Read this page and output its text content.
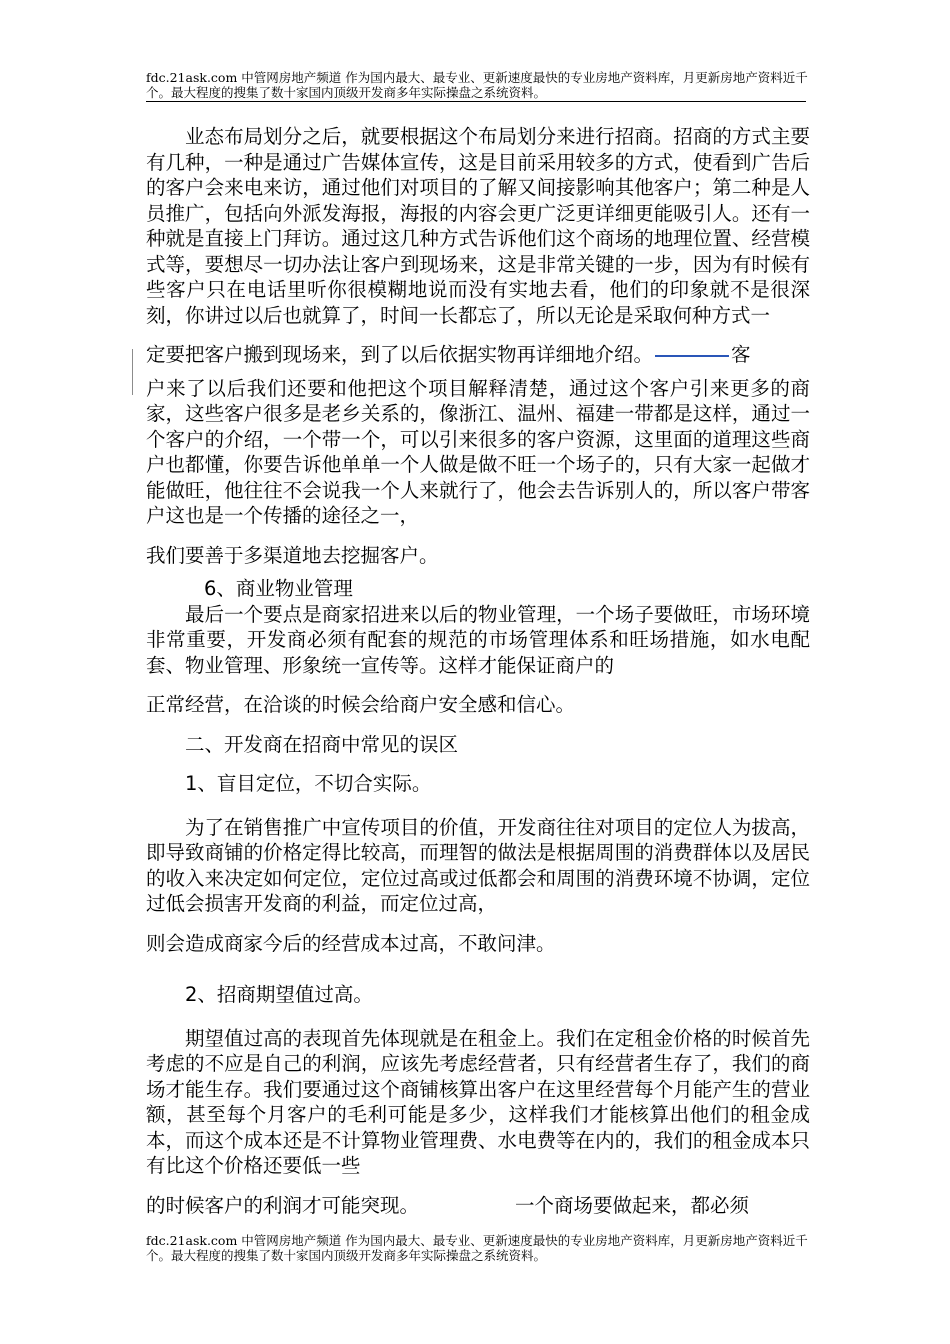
fdc.21ask.com 中管网房地产频道 作为国内最大、最专业、更新速度最快的专业房地产资料库，月更新房地产资料近千个。最大程度的搜集了数十家国内顶级开发商多年实际操盘之系统资料。

业态布局划分之后，就要根据这个布局划分来进行招商。招商的方式主要有几种，一种是通过广告媒体宣传，这是目前采用较多的方式，使看到广告后的客户会来电来访，通过他们对项目的了解又间接影响其他客户；第二种是人员推广，包括向外派发海报，海报的内容会更广泛更详细更能吸引人。还有一种就是直接上门拜访。通过这几种方式告诉他们这个商场的地理位置、经营模式等，要想尽一切办法让客户到现场来，这是非常关键的一步，因为有时候有些客户只在电话里听你很模糊地说而没有实地去看，他们的印象就不是很深刻，你讲过以后也就算了，时间一长都忘了，所以无论是采取何种方式一

定要把客户搬到现场来，到了以后依据实物再详细地介绍。	客

户来了以后我们还要和他把这个项目解释清楚，通过这个客户引来更多的商家，这些客户很多是老乡关系的，像浙江、温州、福建一带都是这样，通过一个客户的介绍，一个带一个，可以引来很多的客户资源，这里面的道理这些商户也都懂，你要告诉他单单一个人做是做不旺一个场子的，只有大家一起做才能做旺，他往往不会说我一个人来就行了，他会去告诉别人的，所以客户带客户这也是一个传播的途径之一，

我们要善于多渠道地去挖掘客户。

6、商业物业管理

最后一个要点是商家招进来以后的物业管理，一个场子要做旺，市场环境非常重要，开发商必须有配套的规范的市场管理体系和旺场措施，如水电配套、物业管理、形象统一宣传等。这样才能保证商户的

正常经营，在洽谈的时候会给商户安全感和信心。

二、开发商在招商中常见的误区

1、盲目定位，不切合实际。

为了在销售推广中宣传项目的价值，开发商往往对项目的定位人为拔高，即导致商铺的价格定得比较高，而理智的做法是根据周围的消费群体以及居民的收入来决定如何定位，定位过高或过低都会和周围的消费环境不协调，定位过低会损害开发商的利益，而定位过高，

则会造成商家今后的经营成本过高，不敢问津。

2、招商期望值过高。

期望值过高的表现首先体现就是在租金上。我们在定租金价格的时候首先考虑的不应是自己的利润，应该先考虑经营者，只有经营者生存了，我们的商场才能生存。我们要通过这个商铺核算出客户在这里经营每个月能产生的营业额，甚至每个月客户的毛利可能是多少，这样我们才能核算出他们的租金成本，而这个成本还是不计算物业管理费、水电费等在内的，我们的租金成本只有比这个价格还要低一些

的时候客户的利润才可能突现。	一个商场要做起来，都必须

fdc.21ask.com 中管网房地产频道 作为国内最大、最专业、更新速度最快的专业房地产资料库，月更新房地产资料近千个。最大程度的搜集了数十家国内顶级开发商多年实际操盘之系统资料。
